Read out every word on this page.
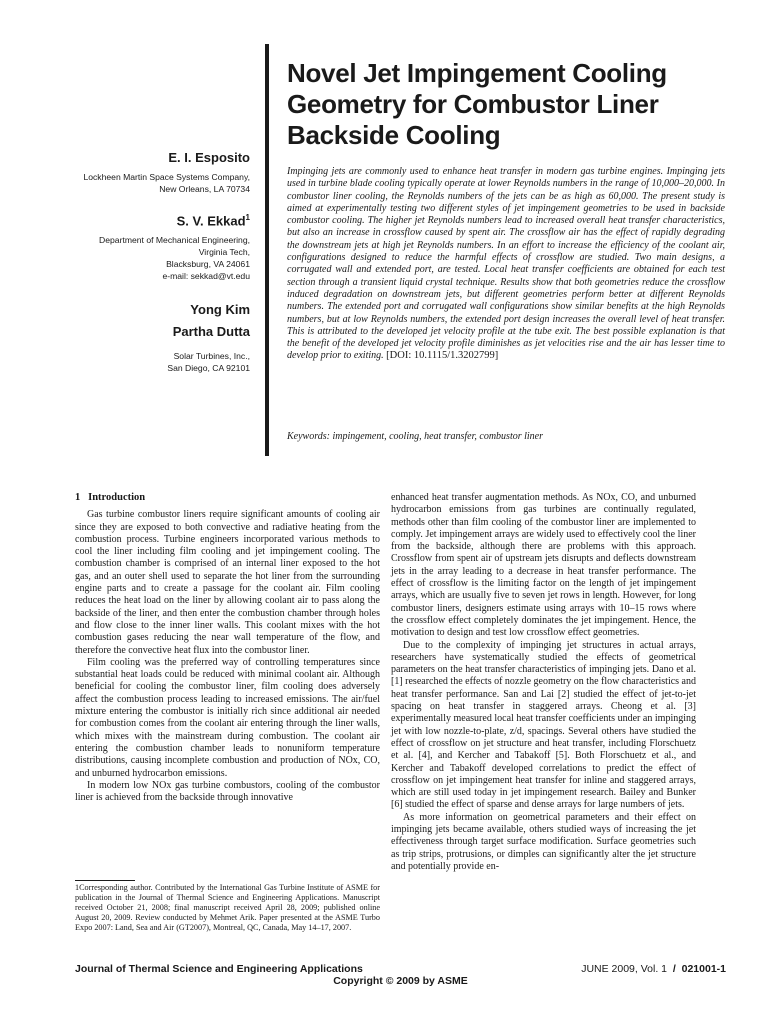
Novel Jet Impingement Cooling Geometry for Combustor Liner Backside Cooling
E. I. Esposito
Lockheen Martin Space Systems Company,
New Orleans, LA 70734
S. V. Ekkad$^1$
Department of Mechanical Engineering,
Virginia Tech,
Blacksburg, VA 24061
e-mail: sekkad@vt.edu
Yong Kim
Partha Dutta
Solar Turbines, Inc.,
San Diego, CA 92101

Impinging jets are commonly used to enhance heat transfer in modern gas turbine engines. Impinging jets used in turbine blade cooling typically operate at lower Reynolds numbers in the range of 10,000–20,000. In combustor liner cooling, the Reynolds numbers of the jets can be as high as 60,000. The present study is aimed at experimentally testing two different styles of jet impingement geometries to be used in backside combustor cooling. The higher jet Reynolds numbers lead to increased overall heat transfer characteristics, but also an increase in crossflow caused by spent air. The crossflow air has the effect of rapidly degrading the downstream jets at high jet Reynolds numbers. In an effort to increase the efficiency of the coolant air, configurations designed to reduce the harmful effects of crossflow are studied. Two main designs, a corrugated wall and extended port, are tested. Local heat transfer coefficients are obtained for each test section through a transient liquid crystal technique. Results show that both geometries reduce the crossflow induced degradation on downstream jets, but different geometries perform better at different Reynolds numbers. The extended port and corrugated wall configurations show similar benefits at the high Reynolds numbers, but at low Reynolds numbers, the extended port design increases the overall level of heat transfer. This is attributed to the developed jet velocity profile at the tube exit. The best possible explanation is that the benefit of the developed jet velocity profile diminishes as jet velocities rise and the air has lesser time to develop prior to exiting. [DOI: 10.1115/1.3202799]

Keywords: impingement, cooling, heat transfer, combustor liner

1 Introduction

Gas turbine combustor liners require significant amounts of cooling air since they are exposed to both convective and radiative heating from the combustion process. Turbine engineers incorporated various methods to cool the liner including film cooling and jet impingement cooling. The combustion chamber is comprised of an internal liner exposed to the hot gas, and an outer shell used to separate the hot liner from the surrounding engine parts and to create a passage for the coolant air. Film cooling reduces the heat load on the liner by allowing coolant air to pass along the backside of the liner, and then enter the combustion chamber through holes and flow close to the inner liner walls. This coolant mixes with the hot combustion gases reducing the near wall temperature of the flow, and therefore the convective heat flux into the combustor liner.

Film cooling was the preferred way of controlling temperatures since substantial heat loads could be reduced with minimal coolant air. Although beneficial for cooling the combustor liner, film cooling does adversely affect the combustion process leading to increased emissions. The air/fuel mixture entering the combustor is initially rich since additional air needed for combustion comes from the coolant air entering through the liner walls, which mixes with the mainstream during combustion. The coolant air entering the combustion chamber leads to nonuniform temperature distributions, causing incomplete combustion and production of NOx, CO, and unburned hydrocarbon emissions.

In modern low NOx gas turbine combustors, cooling of the combustor liner is achieved from the backside through innovative

enhanced heat transfer augmentation methods. As NOx, CO, and unburned hydrocarbon emissions from gas turbines are continually regulated, methods other than film cooling of the combustor liner are implemented to comply. Jet impingement arrays are widely used to effectively cool the liner from the backside, although there are problems with this approach. Crossflow from spent air of upstream jets disrupts and deflects downstream jets in the array leading to a decrease in heat transfer performance. The effect of crossflow is the limiting factor on the length of jet impingement arrays, which are usually five to seven jet rows in length. However, for long combustor liners, designers estimate using arrays with 10–15 rows where the crossflow effect completely dominates the jet impingement. Hence, the motivation to design and test low crossflow effect geometries.

Due to the complexity of impinging jet structures in actual arrays, researchers have systematically studied the effects of geometrical parameters on the heat transfer characteristics of impinging jets. Dano et al. [1] researched the effects of nozzle geometry on the flow characteristics and heat transfer performance. San and Lai [2] studied the effect of jet-to-jet spacing on heat transfer in staggered arrays. Cheong et al. [3] experimentally measured local heat transfer coefficients under an impinging jet with low nozzle-to-plate, z/d, spacings. Several others have studied the effect of crossflow on jet structure and heat transfer, including Florschuetz et al. [4], and Kercher and Tabakoff [5]. Both Florschuetz et al., and Kercher and Tabakoff developed correlations to predict the effect of crossflow on jet impingement heat transfer for inline and staggered arrays, which are still used today in jet impingement research. Bailey and Bunker [6] studied the effect of sparse and dense arrays for large numbers of jets.

As more information on geometrical parameters and their effect on impinging jets became available, others studied ways of increasing the jet effectiveness through target surface modification. Surface geometries such as trip strips, protrusions, or dimples can significantly alter the jet structure and potentially provide en-

1Corresponding author. Contributed by the International Gas Turbine Institute of ASME for publication in the Journal of Thermal Science and Engineering Applications. Manuscript received October 21, 2008; final manuscript received April 28, 2009; published online August 20, 2009. Review conducted by Mehmet Arik. Paper presented at the ASME Turbo Expo 2007: Land, Sea and Air (GT2007), Montreal, QC, Canada, May 14–17, 2007.

Journal of Thermal Science and Engineering Applications	JUNE 2009, Vol. 1 / 021001-1
Copyright © 2009 by ASME
